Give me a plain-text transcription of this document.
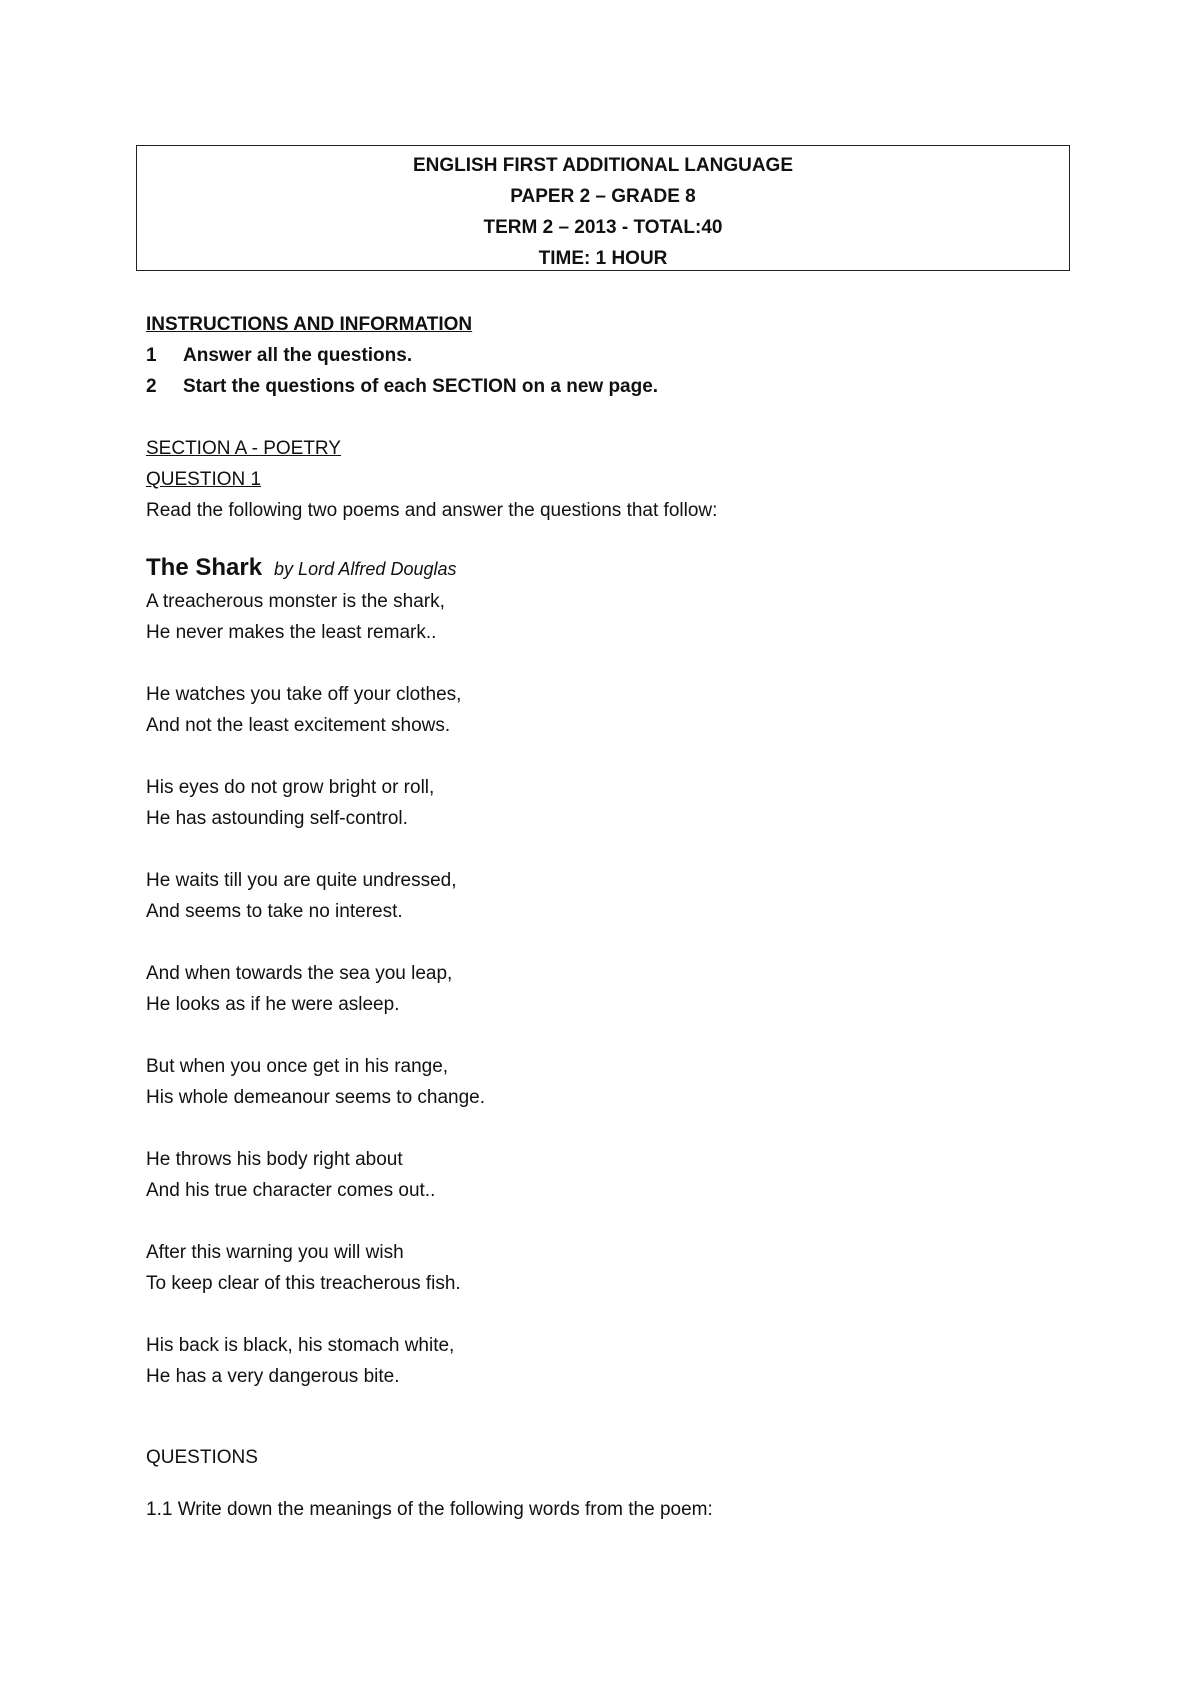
ENGLISH FIRST ADDITIONAL LANGUAGE
PAPER 2 – GRADE 8
TERM 2 – 2013 - TOTAL:40
TIME: 1 HOUR
INSTRUCTIONS AND INFORMATION
1	Answer all the questions.
2	Start the questions of each SECTION on a new page.
SECTION A - POETRY
QUESTION 1
Read the following two poems and answer the questions that follow:
The Shark by Lord Alfred Douglas

A treacherous monster is the shark,

He never makes the least remark..

He watches you take off your clothes,

And not the least excitement shows.

His eyes do not grow bright or roll,

He has astounding self-control.

He waits till you are quite undressed,

And seems to take no interest.

And when towards the sea you leap,

He looks as if he were asleep.

But when you once get in his range,

His whole demeanour seems to change.

He throws his body right about

And his true character comes out..

After this warning you will wish

To keep clear of this treacherous fish.

His back is black, his stomach white,

He has a very dangerous bite.

QUESTIONS
1.1 Write down the meanings of the following words from the poem:
